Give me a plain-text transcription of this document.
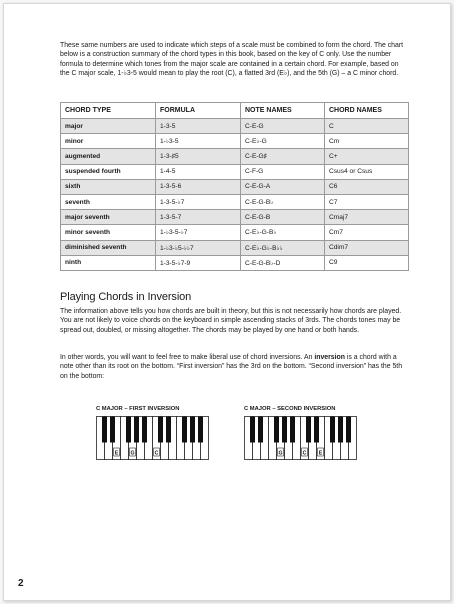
These same numbers are used to indicate which steps of a scale must be combined to form the chord. The chart below is a construction summary of the chord types in this book, based on the key of C only. Use the number formula to determine which tones from the major scale are contained in a certain chord. For example, based on the C major scale, 1-♭3-5 would mean to play the root (C), a flatted 3rd (E♭), and the 5th (G) – a C minor chord.

CHORD TYPE	FORMULA	NOTE NAMES	CHORD NAMES
major	1-3-5	C-E-G	C
minor	1-♭3-5	C-E♭-G	Cm
augmented	1-3-♯5	C-E-G♯	C+
suspended fourth	1-4-5	C-F-G	Csus4 or Csus
sixth	1-3-5-6	C-E-G-A	C6
seventh	1-3-5-♭7	C-E-G-B♭	C7
major seventh	1-3-5-7	C-E-G-B	Cmaj7
minor seventh	1-♭3-5-♭7	C-E♭-G-B♭	Cm7
diminished seventh	1-♭3-♭5-♭♭7	C-E♭-G♭-B♭♭	Cdim7
ninth	1-3-5-♭7-9	C-E-G-B♭-D	C9
Playing Chords in Inversion

The information above tells you how chords are built in theory, but this is not necessarily how chords are played. You are not likely to voice chords on the keyboard in simple ascending stacks of 3rds. The chords tones may be spread out, doubled, or missing altogether. The chords may be played by one hand or both hands.

In other words, you will want to feel free to make liberal use of chord inversions. An inversion is a chord with a note other than its root on the bottom. “First inversion” has the 3rd on the bottom. “Second inversion” has the 5th on the bottom:

C MAJOR – FIRST INVERSION

E G	C

C MAJOR – SECOND INVERSION

G	C E

2
